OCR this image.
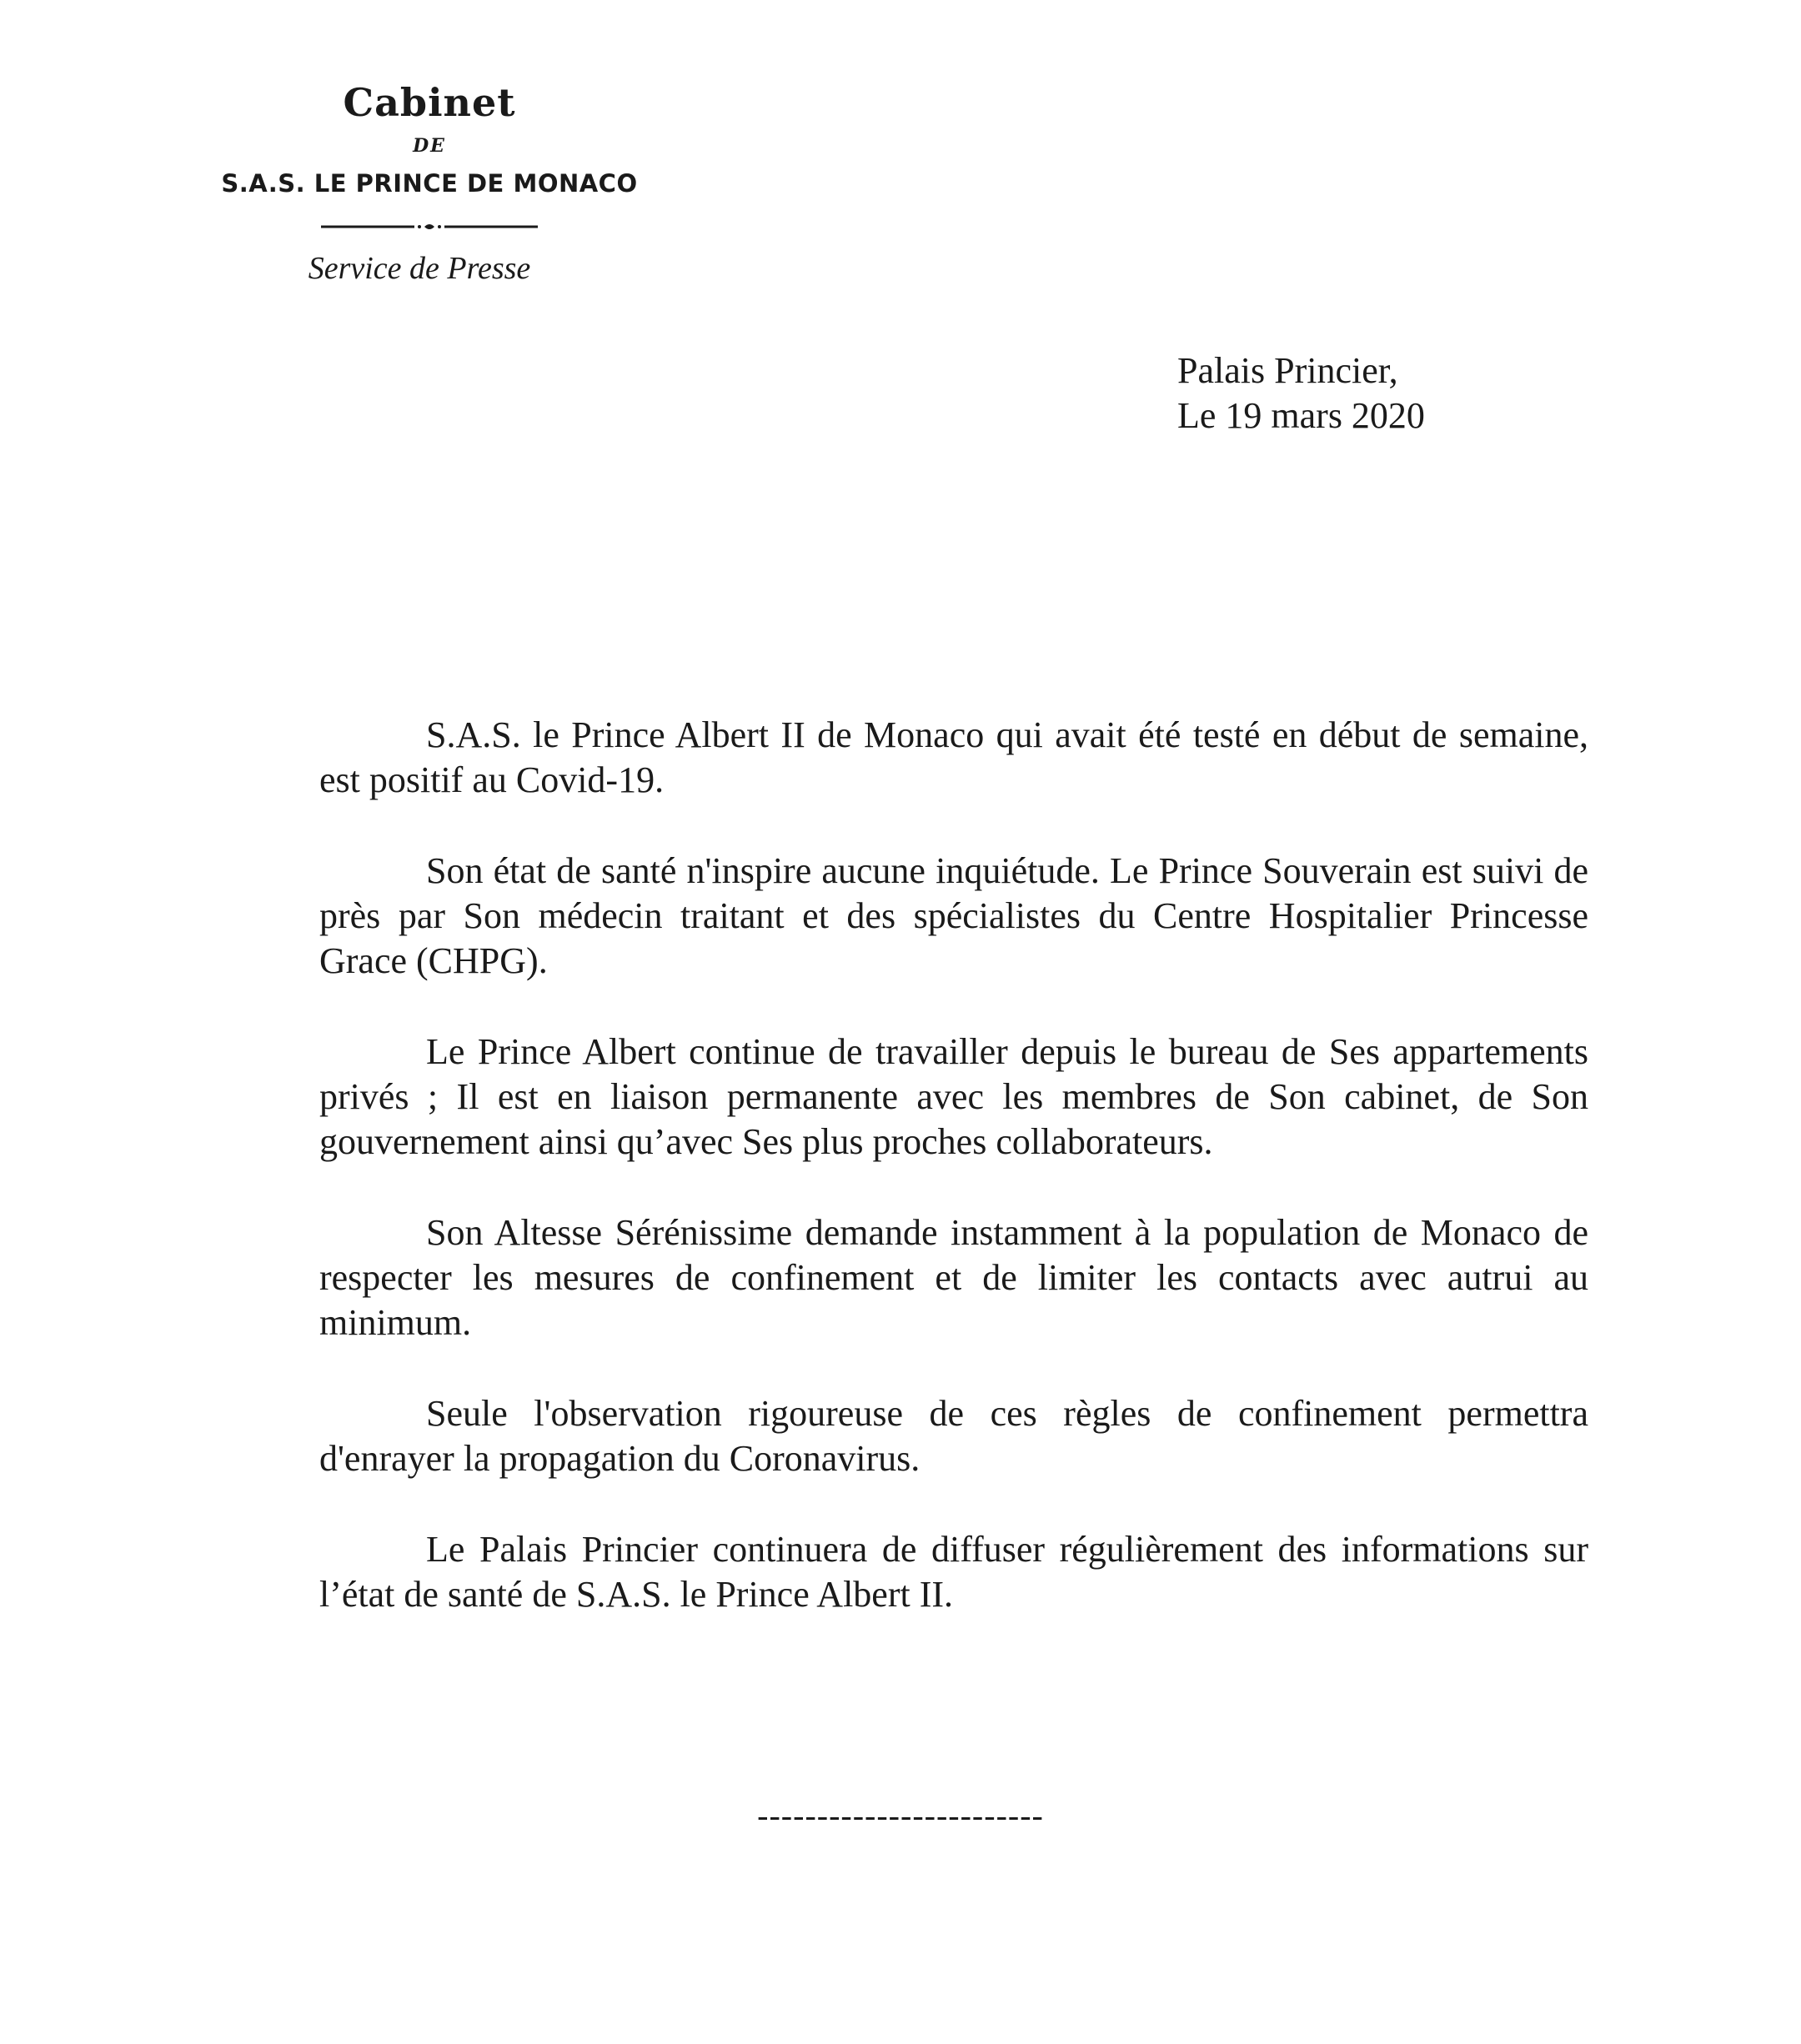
Cabinet
DE
S.A.S. LE PRINCE DE MONACO
Service de Presse
Palais Princier,
Le 19 mars 2020

S.A.S. le Prince Albert II de Monaco qui avait été testé en début de semaine, est positif au Covid-19.

Son état de santé n'inspire aucune inquiétude. Le Prince Souverain est suivi de près par Son médecin traitant et des spécialistes du Centre Hospitalier Princesse Grace (CHPG).

Le Prince Albert continue de travailler depuis le bureau de Ses appartements privés ; Il est en liaison permanente avec les membres de Son cabinet, de Son gouvernement ainsi qu’avec Ses plus proches collaborateurs.

Son Altesse Sérénissime demande instamment à la population de Monaco de respecter les mesures de confinement et de limiter les contacts avec autrui au minimum.

Seule l'observation rigoureuse de ces règles de confinement permettra d'enrayer la propagation du Coronavirus.

Le Palais Princier continuera de diffuser régulièrement des informations sur l’état de santé de S.A.S. le Prince Albert II.

------------------------
